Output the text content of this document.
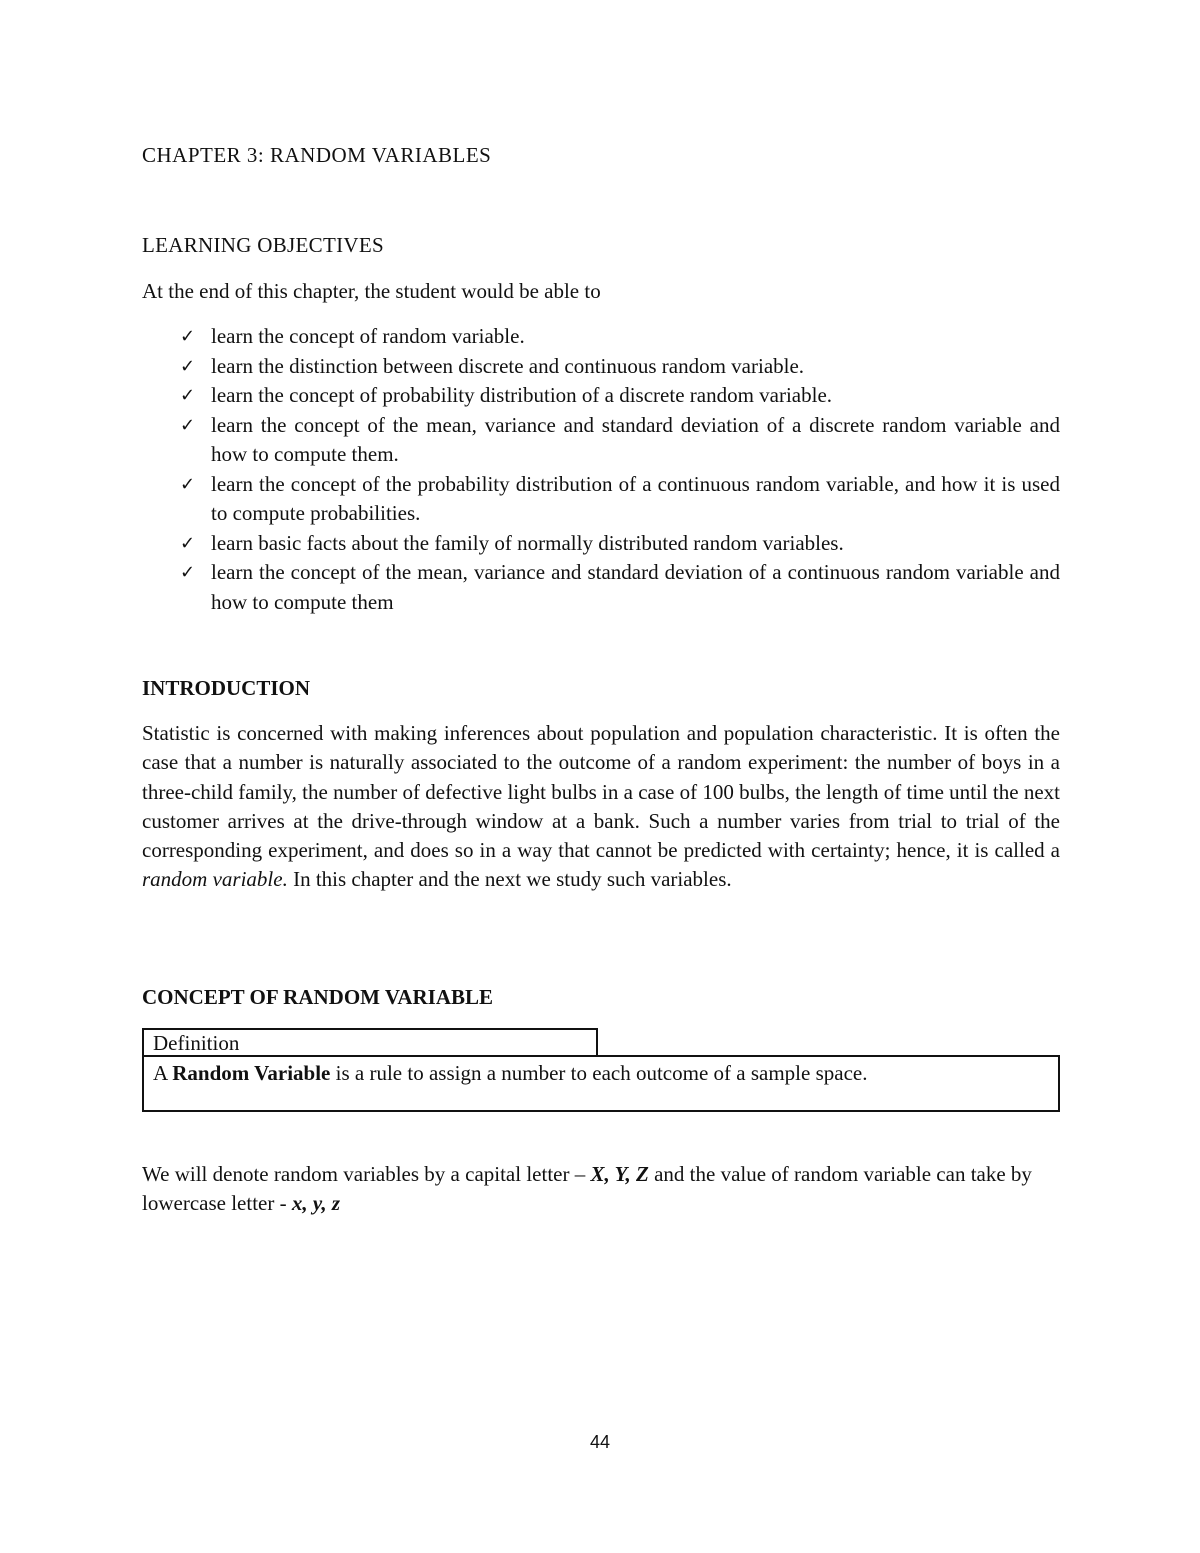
CHAPTER 3: RANDOM VARIABLES
LEARNING OBJECTIVES
At the end of this chapter, the student would be able to
✓ learn the concept of random variable.
✓ learn the distinction between discrete and continuous random variable.
✓ learn the concept of probability distribution of a discrete random variable.
✓ learn the concept of the mean, variance and standard deviation of a discrete random variable and how to compute them.
✓ learn the concept of the probability distribution of a continuous random variable, and how it is used to compute probabilities.
✓ learn basic facts about the family of normally distributed random variables.
✓ learn the concept of the mean, variance and standard deviation of a continuous random variable and how to compute them
INTRODUCTION

Statistic is concerned with making inferences about population and population characteristic. It is often the case that a number is naturally associated to the outcome of a random experiment: the number of boys in a three-child family, the number of defective light bulbs in a case of 100 bulbs, the length of time until the next customer arrives at the drive-through window at a bank. Such a number varies from trial to trial of the corresponding experiment, and does so in a way that cannot be predicted with certainty; hence, it is called a random variable. In this chapter and the next we study such variables.

CONCEPT OF RANDOM VARIABLE
Definition
A Random Variable is a rule to assign a number to each outcome of a sample space.

We will denote random variables by a capital letter – X, Y, Z and the value of random variable can take by lowercase letter - x, y, z

44
